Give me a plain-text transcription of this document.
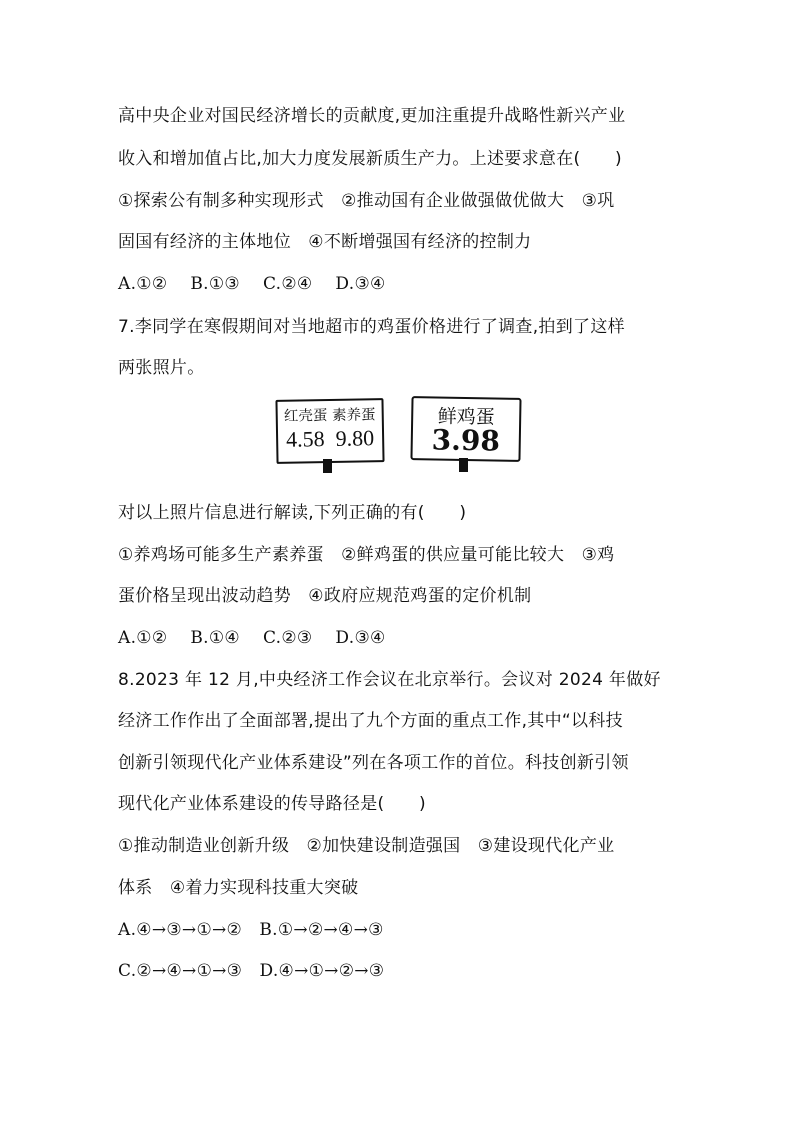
高中央企业对国民经济增长的贡献度,更加注重提升战略性新兴产业
收入和增加值占比,加大力度发展新质生产力。上述要求意在(　　)
①探索公有制多种实现形式　②推动国有企业做强做优做大　③巩
固国有经济的主体地位　④不断增强国有经济的控制力
A.①②　 B.①③　 C.②④　 D.③④
7.李同学在寒假期间对当地超市的鸡蛋价格进行了调查,拍到了这样
两张照片。
红壳蛋 素养蛋
4.58  9.80
鲜鸡蛋
3.98
对以上照片信息进行解读,下列正确的有(　　)
①养鸡场可能多生产素养蛋　②鲜鸡蛋的供应量可能比较大　③鸡
蛋价格呈现出波动趋势　④政府应规范鸡蛋的定价机制
A.①②　 B.①④　 C.②③　 D.③④
8.2023 年 12 月,中央经济工作会议在北京举行。会议对 2024 年做好
经济工作作出了全面部署,提出了九个方面的重点工作,其中“以科技
创新引领现代化产业体系建设”列在各项工作的首位。科技创新引领
现代化产业体系建设的传导路径是(　　)
①推动制造业创新升级　②加快建设制造强国　③建设现代化产业
体系　④着力实现科技重大突破
A.④→③→①→②　B.①→②→④→③
C.②→④→①→③　D.④→①→②→③
